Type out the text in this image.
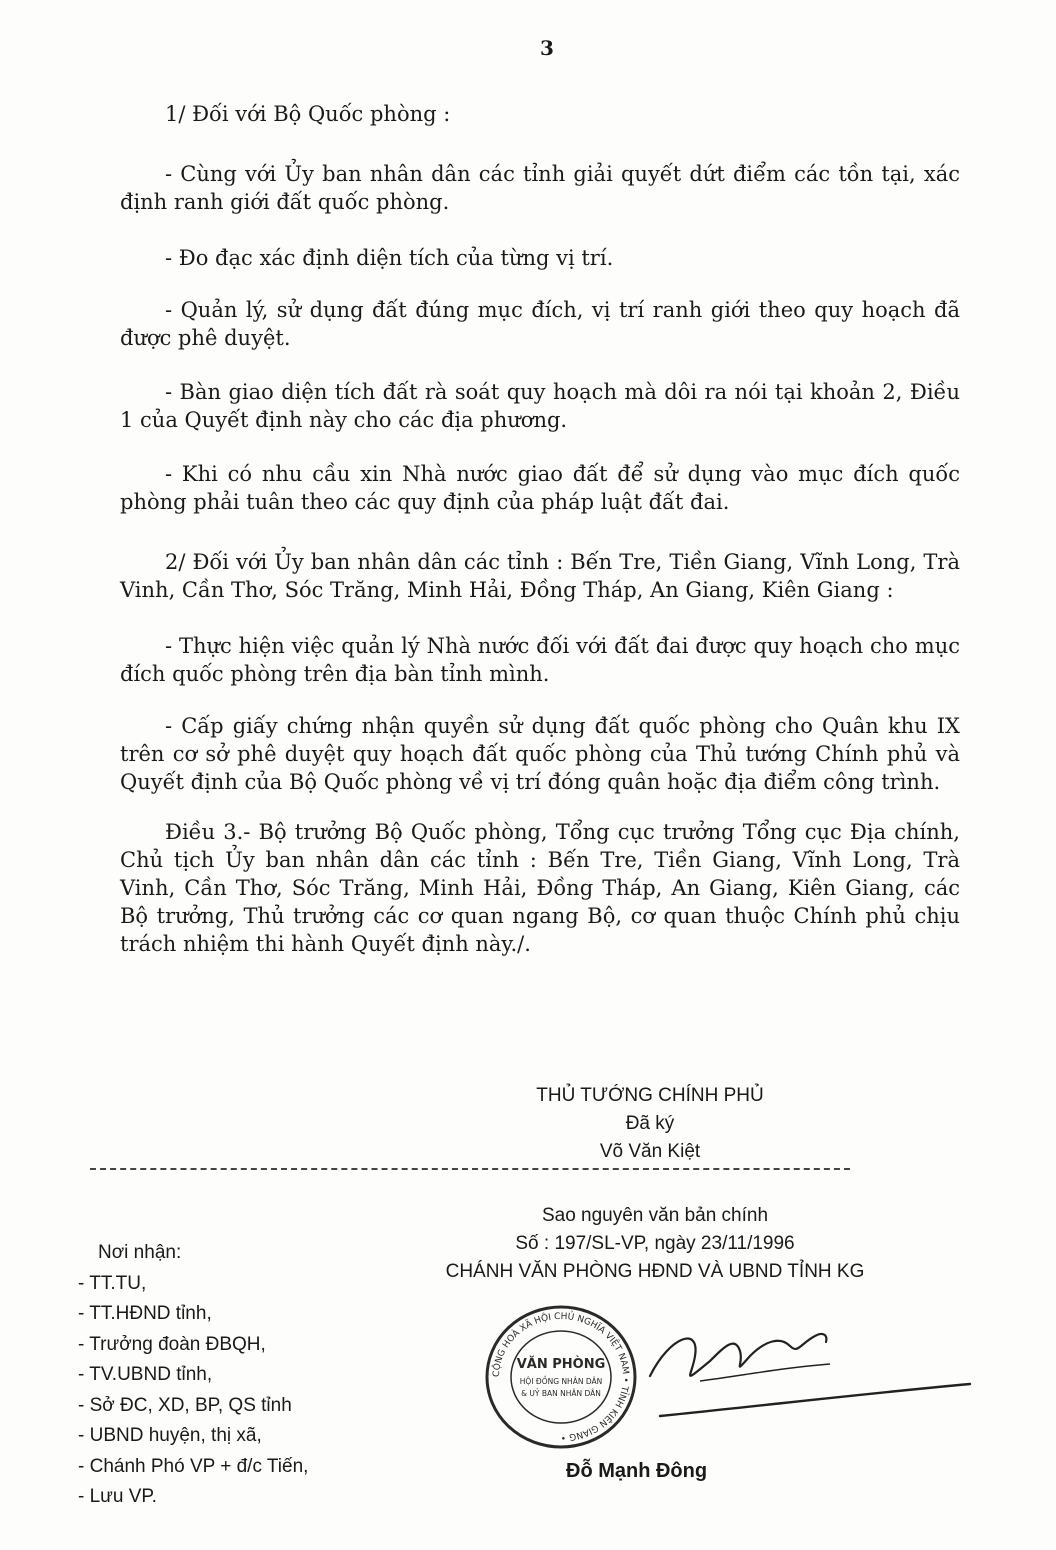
3

1/ Đối với Bộ Quốc phòng :

- Cùng với Ủy ban nhân dân các tỉnh giải quyết dứt điểm các tồn tại, xác định ranh giới đất quốc phòng.

- Đo đạc xác định diện tích của từng vị trí.

- Quản lý, sử dụng đất đúng mục đích, vị trí ranh giới theo quy hoạch đã được phê duyệt.

- Bàn giao diện tích đất rà soát quy hoạch mà dôi ra nói tại khoản 2, Điều 1 của Quyết định này cho các địa phương.

- Khi có nhu cầu xin Nhà nước giao đất để sử dụng vào mục đích quốc phòng phải tuân theo các quy định của pháp luật đất đai.

2/ Đối với Ủy ban nhân dân các tỉnh : Bến Tre, Tiền Giang, Vĩnh Long, Trà Vinh, Cần Thơ, Sóc Trăng, Minh Hải, Đồng Tháp, An Giang, Kiên Giang :

- Thực hiện việc quản lý Nhà nước đối với đất đai được quy hoạch cho mục đích quốc phòng trên địa bàn tỉnh mình.

- Cấp giấy chứng nhận quyền sử dụng đất quốc phòng cho Quân khu IX trên cơ sở phê duyệt quy hoạch đất quốc phòng của Thủ tướng Chính phủ và Quyết định của Bộ Quốc phòng về vị trí đóng quân hoặc địa điểm công trình.

Điều 3.- Bộ trưởng Bộ Quốc phòng, Tổng cục trưởng Tổng cục Địa chính, Chủ tịch Ủy ban nhân dân các tỉnh : Bến Tre, Tiền Giang, Vĩnh Long, Trà Vinh, Cần Thơ, Sóc Trăng, Minh Hải, Đồng Tháp, An Giang, Kiên Giang, các Bộ trưởng, Thủ trưởng các cơ quan ngang Bộ, cơ quan thuộc Chính phủ chịu trách nhiệm thi hành Quyết định này./.

THỦ TƯỚNG CHÍNH PHỦ
Đã ký
Võ Văn Kiệt
Sao nguyên văn bản chính
Số : 197/SL-VP, ngày 23/11/1996
CHÁNH VĂN PHÒNG HĐND VÀ UBND TỈNH KG
Nơi nhận:
- TT.TU,
- TT.HĐND tỉnh,
- Trưởng đoàn ĐBQH,
- TV.UBND tỉnh,
- Sở ĐC, XD, BP, QS tỉnh
- UBND huyện, thị xã,
- Chánh Phó VP + đ/c Tiến,
- Lưu VP.
CỘNG HOÀ XÃ HỘI CHỦ NGHĨA VIỆT NAM • TỈNH KIÊN GIANG •
VĂN PHÒNG
HỘI ĐỒNG NHÂN DÂN
& UỶ BAN NHÂN DÂN
Đỗ Mạnh Đông
